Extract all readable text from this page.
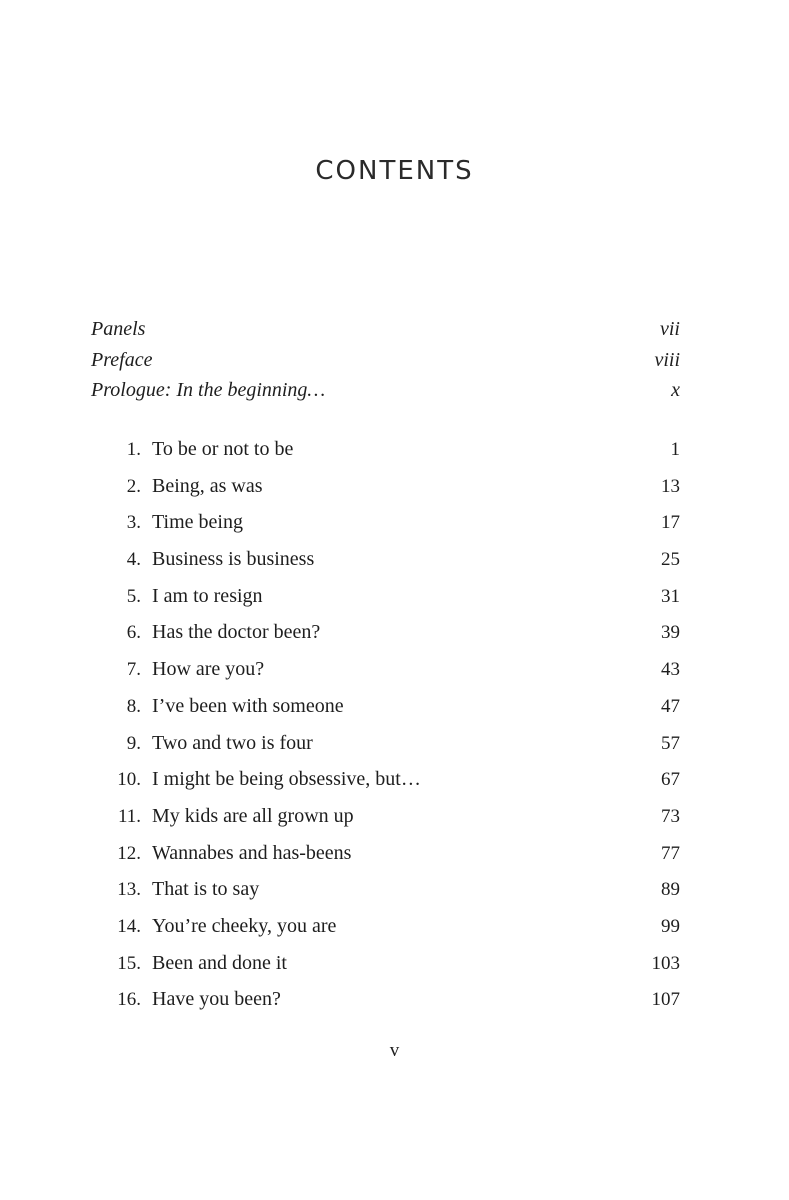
CONTENTS
Panels	vii
Preface	viii
Prologue: In the beginning…	x
1. To be or not to be	1
2. Being, as was	13
3. Time being	17
4. Business is business	25
5. I am to resign	31
6. Has the doctor been?	39
7. How are you?	43
8. I’ve been with someone	47
9. Two and two is four	57
10. I might be being obsessive, but…	67
11. My kids are all grown up	73
12. Wannabes and has-beens	77
13. That is to say	89
14. You’re cheeky, you are	99
15. Been and done it	103
16. Have you been?	107
v
